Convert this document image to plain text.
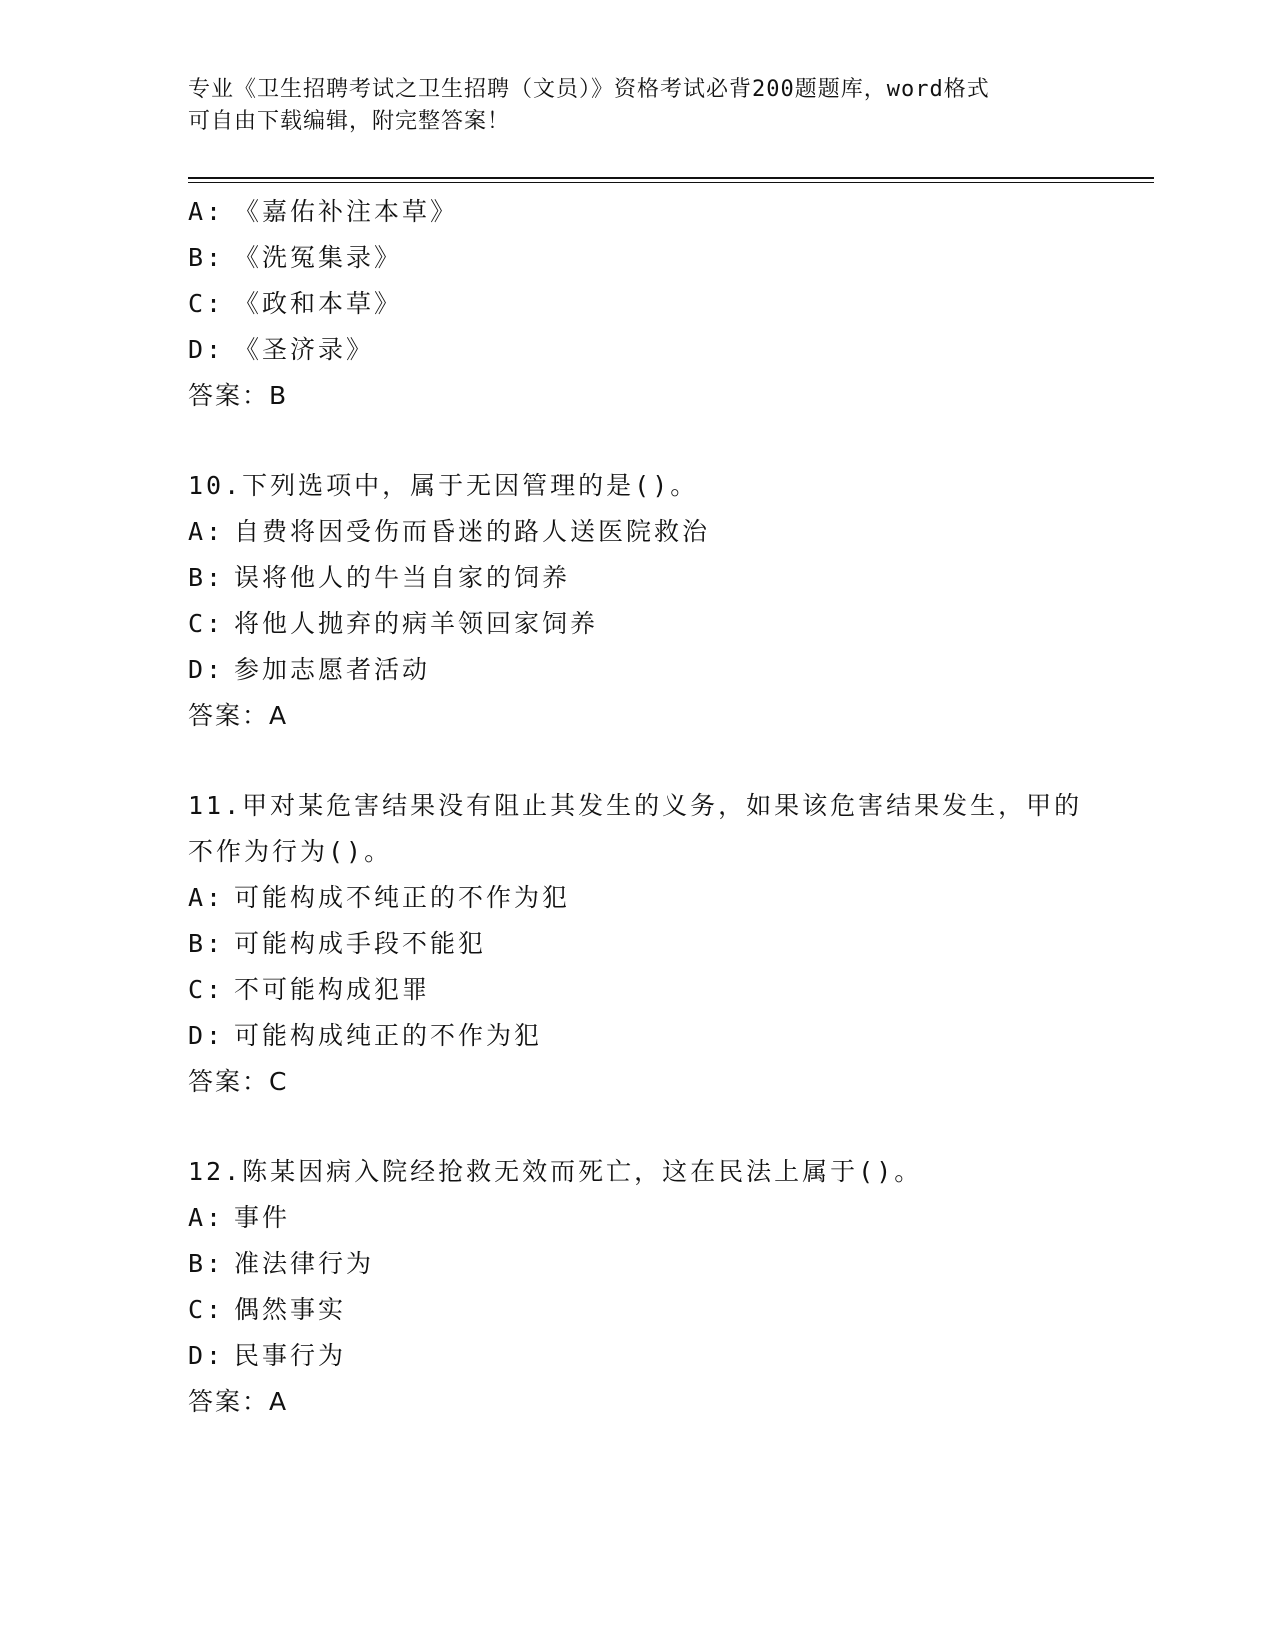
专业《卫生招聘考试之卫生招聘（文员）》资格考试必背200题题库，word格式
可自由下载编辑，附完整答案！
A: 《嘉佑补注本草》
B: 《洗冤集录》
C: 《政和本草》
D: 《圣济录》
答案：B
10.下列选项中，属于无因管理的是()。
A: 自费将因受伤而昏迷的路人送医院救治
B: 误将他人的牛当自家的饲养
C: 将他人抛弃的病羊领回家饲养
D: 参加志愿者活动
答案：A
11.甲对某危害结果没有阻止其发生的义务，如果该危害结果发生，甲的不作为行为()。
A: 可能构成不纯正的不作为犯
B: 可能构成手段不能犯
C: 不可能构成犯罪
D: 可能构成纯正的不作为犯
答案：C
12.陈某因病入院经抢救无效而死亡，这在民法上属于()。
A: 事件
B: 准法律行为
C: 偶然事实
D: 民事行为
答案：A
